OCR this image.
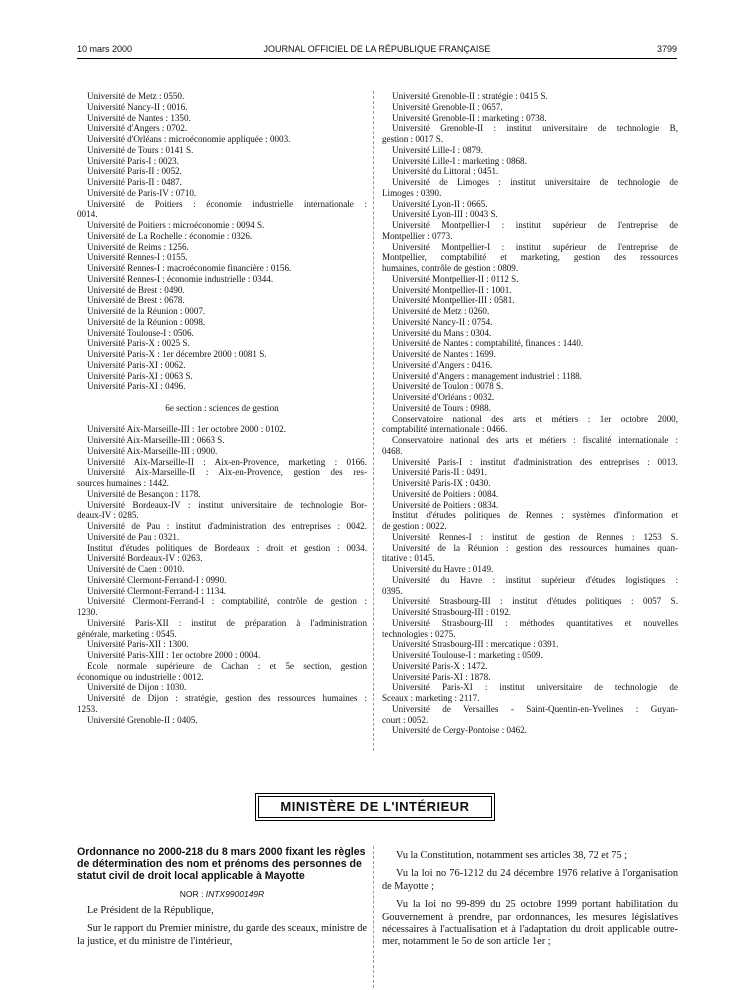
10 mars 2000	JOURNAL OFFICIEL DE LA RÉPUBLIQUE FRANÇAISE	3799
Université de Metz : 0550.
Université Nancy-II : 0016.
Université de Nantes : 1350.
Université d'Angers : 0702.
Université d'Orléans : microéconomie appliquée : 0003.
Université de Tours : 0141 S.
Université Paris-I : 0023.
Université Paris-II : 0052.
Université Paris-II : 0487.
Université de Paris-IV : 0710.
Université de Poitiers : économie industrielle internationale :
0014.
Université de Poitiers : microéconomie : 0094 S.
Université de La Rochelle : économie : 0326.
Université de Reims : 1256.
Université Rennes-I : 0155.
Université Rennes-I : macroéconomie financière : 0156.
Université Rennes-I : économie industrielle : 0344.
Université de Brest : 0490.
Université de Brest : 0678.
Université de la Réunion : 0007.
Université de la Réunion : 0098.
Université Toulouse-I : 0506.
Université Paris-X : 0025 S.
Université Paris-X : 1er décembre 2000 : 0081 S.
Université Paris-XI : 0062.
Université Paris-XI : 0063 S.
Université Paris-XI : 0496.
6e section : sciences de gestion
Université Aix-Marseille-III : 1er octobre 2000 : 0102.
Université Aix-Marseille-III : 0663 S.
Université Aix-Marseille-III : 0900.
Université Aix-Marseille-II : Aix-en-Provence, marketing : 0166.
Université Aix-Marseille-II : Aix-en-Provence, gestion des res-
sources humaines : 1442.
Université de Besançon : 1178.
Université Bordeaux-IV : institut universitaire de technologie Bor-
deaux-IV : 0285.
Université de Pau : institut d'administration des entreprises : 0042.
Université de Pau : 0321.
Institut d'études politiques de Bordeaux : droit et gestion : 0034.
Université Bordeaux-IV : 0263.
Université de Caen : 0010.
Université Clermont-Ferrand-I : 0990.
Université Clermont-Ferrand-I : 1134.
Université Clermont-Ferrand-I : comptabilité, contrôle de gestion :
1230.
Université Paris-XII : institut de préparation à l'administration
générale, marketing : 0545.
Université Paris-XII : 1300.
Université Paris-XIII : 1er octobre 2000 : 0004.
Ecole normale supérieure de Cachan : et 5e section, gestion
économique ou industrielle : 0012.
Université de Dijon : 1030.
Université de Dijon : stratégie, gestion des ressources humaines :
1253.
Université Grenoble-II : 0405.
Université Grenoble-II : stratégie : 0415 S.
Université Grenoble-II : 0657.
Université Grenoble-II : marketing : 0738.
Université Grenoble-II : institut universitaire de technologie B,
gestion : 0017 S.
Université Lille-I : 0879.
Université Lille-I : marketing : 0868.
Université du Littoral : 0451.
Université de Limoges : institut universitaire de technologie de
Limoges : 0390.
Université Lyon-II : 0665.
Université Lyon-III : 0043 S.
Université Montpellier-I : institut supérieur de l'entreprise de
Montpellier : 0773.
Université Montpellier-I : institut supérieur de l'entreprise de
Montpellier, comptabilité et marketing, gestion des ressources
humaines, contrôle de gestion : 0809.
Université Montpellier-II : 0112 S.
Université Montpellier-II : 1001.
Université Montpellier-III : 0581.
Université de Metz : 0260.
Université Nancy-II : 0754.
Université du Mans : 0304.
Université de Nantes : comptabilité, finances : 1440.
Université de Nantes : 1699.
Université d'Angers : 0416.
Université d'Angers : management industriel : 1188.
Université de Toulon : 0078 S.
Université d'Orléans : 0032.
Université de Tours : 0988.
Conservatoire national des arts et métiers : 1er octobre 2000,
comptabilité internationale : 0466.
Conservatoire national des arts et métiers : fiscalité internationale :
0468.
Université Paris-I : institut d'administration des entreprises : 0013.
Université Paris-II : 0491.
Université Paris-IX : 0430.
Université de Poitiers : 0084.
Université de Poitiers : 0834.
Institut d'études politiques de Rennes : systèmes d'information et
de gestion : 0022.
Université Rennes-I : institut de gestion de Rennes : 1253 S.
Université de la Réunion : gestion des ressources humaines quan-
titative : 0145.
Université du Havre : 0149.
Université du Havre : institut supérieur d'études logistiques :
0395.
Université Strasbourg-III : institut d'études politiques : 0057 S.
Université Strasbourg-III : 0192.
Université Strasbourg-III : méthodes quantitatives et nouvelles
technologies : 0275.
Université Strasbourg-III : mercatique : 0391.
Université Toulouse-I : marketing : 0509.
Université Paris-X : 1472.
Université Paris-XI : 1878.
Université Paris-XI : institut universitaire de technologie de
Sceaux : marketing : 2117.
Université de Versailles - Saint-Quentin-en-Yvelines : Guyan-
court : 0052.
Université de Cergy-Pontoise : 0462.
MINISTÈRE DE L'INTÉRIEUR
Ordonnance no 2000-218 du 8 mars 2000 fixant les règles de détermination des nom et prénoms des personnes de statut civil de droit local applicable à Mayotte
NOR : INTX9900149R
Le Président de la République,
Sur le rapport du Premier ministre, du garde des sceaux, ministre de la justice, et du ministre de l'intérieur,
Vu la Constitution, notamment ses articles 38, 72 et 75 ;
Vu la loi no 76-1212 du 24 décembre 1976 relative à l'organisation de Mayotte ;
Vu la loi no 99-899 du 25 octobre 1999 portant habilitation du Gouvernement à prendre, par ordonnances, les mesures législatives nécessaires à l'actualisation et à l'adaptation du droit applicable outre-mer, notamment le 5o de son article 1er ;
